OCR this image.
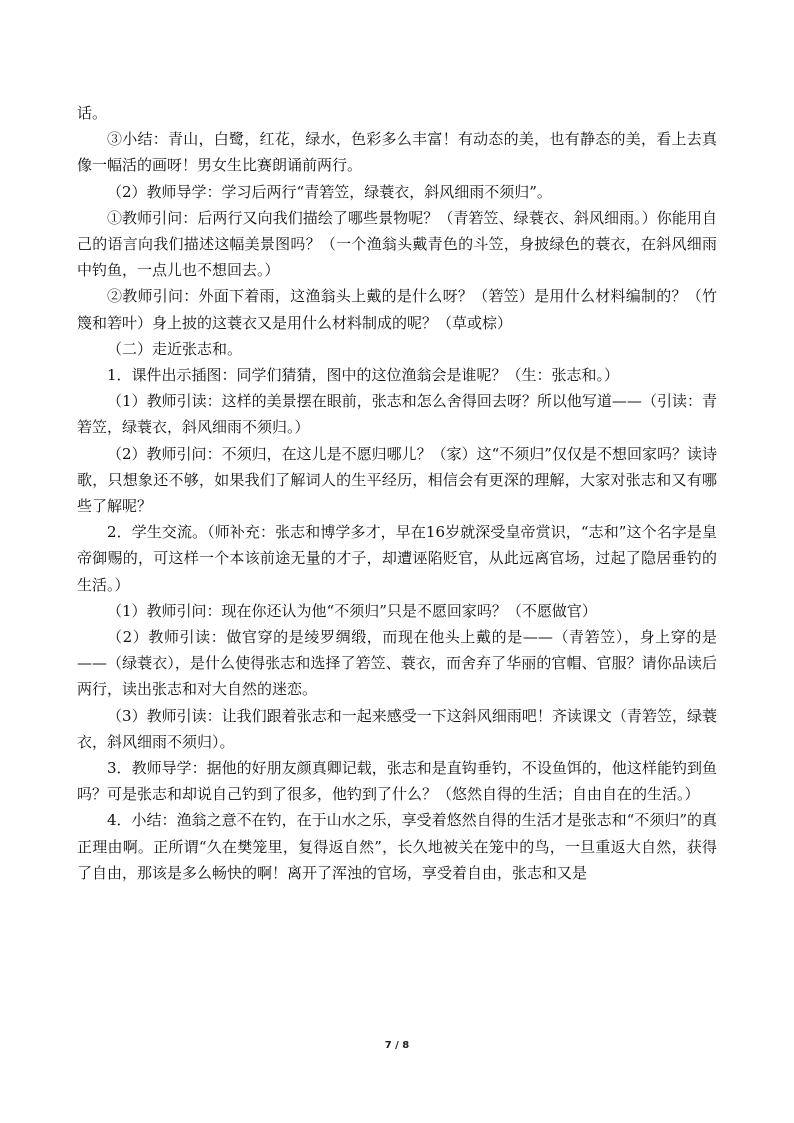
话。

③小结：青山，白鹭，红花，绿水，色彩多么丰富！有动态的美，也有静态的美，看上去真像一幅活的画呀！男女生比赛朗诵前两行。

（2）教师导学：学习后两行“青箬笠，绿蓑衣，斜风细雨不须归”。

①教师引问：后两行又向我们描绘了哪些景物呢？（青箬笠、绿蓑衣、斜风细雨。）你能用自己的语言向我们描述这幅美景图吗？（一个渔翁头戴青色的斗笠，身披绿色的蓑衣，在斜风细雨中钓鱼，一点儿也不想回去。）

②教师引问：外面下着雨，这渔翁头上戴的是什么呀？（箬笠）是用什么材料编制的？（竹篾和箬叶）身上披的这蓑衣又是用什么材料制成的呢？（草或棕）

（二）走近张志和。

1．课件出示插图：同学们猜猜，图中的这位渔翁会是谁呢？（生：张志和。）

（1）教师引读：这样的美景摆在眼前，张志和怎么舍得回去呀？所以他写道——（引读：青箬笠，绿蓑衣，斜风细雨不须归。）

（2）教师引问：不须归，在这儿是不愿归哪儿？（家）这“不须归”仅仅是不想回家吗？读诗歌，只想象还不够，如果我们了解词人的生平经历，相信会有更深的理解，大家对张志和又有哪些了解呢？

2．学生交流。（师补充：张志和博学多才，早在16岁就深受皇帝赏识，“志和”这个名字是皇帝御赐的，可这样一个本该前途无量的才子，却遭诬陷贬官，从此远离官场，过起了隐居垂钓的生活。）

（1）教师引问：现在你还认为他“不须归”只是不愿回家吗？（不愿做官）

（2）教师引读：做官穿的是绫罗绸缎，而现在他头上戴的是——（青箬笠），身上穿的是——（绿蓑衣），是什么使得张志和选择了箬笠、蓑衣，而舍弃了华丽的官帽、官服？请你品读后两行，读出张志和对大自然的迷恋。

（3）教师引读：让我们跟着张志和一起来感受一下这斜风细雨吧！齐读课文（青箬笠，绿蓑衣，斜风细雨不须归）。

3．教师导学：据他的好朋友颜真卿记载，张志和是直钩垂钓，不设鱼饵的，他这样能钓到鱼吗？可是张志和却说自己钓到了很多，他钓到了什么？（悠然自得的生活；自由自在的生活。）

4．小结：渔翁之意不在钓，在于山水之乐，享受着悠然自得的生活才是张志和“不须归”的真正理由啊。正所谓“久在樊笼里，复得返自然”，长久地被关在笼中的鸟，一旦重返大自然，获得了自由，那该是多么畅快的啊！离开了浑浊的官场，享受着自由，张志和又是

7 / 8
